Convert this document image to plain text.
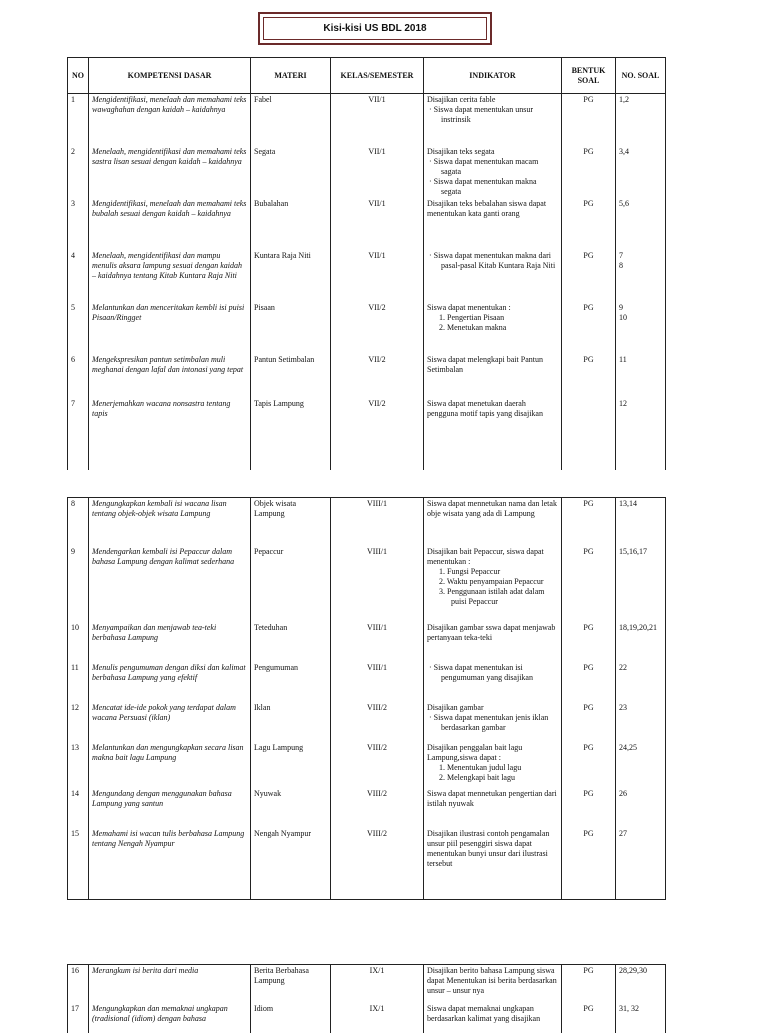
Kisi-kisi US BDL 2018
NO	KOMPETENSI DASAR	MATERI	KELAS/SEMESTER	INDIKATOR	BENTUK SOAL	NO. SOAL
1	Mengidentifikasi, menelaah dan memahami teks wawaghahan dengan kaidah – kaidahnya	Fabel	VII/1	Disajikan cerita fable
· Siswa dapat menentukan unsur instrinsik	PG	1,2
2	Menelaah, mengidentifikasi dan memahami teks sastra lisan sesuai dengan kaidah – kaidahnya	Segata	VII/1	Disajikan teks segata
· Siswa dapat menentukan macam sagata
· Siswa dapat menentukan makna segata	PG	3,4
3	Mengidentifikasi, menelaah dan memahami teks bubalah sesuai dengan kaidah – kaidahnya	Bubalahan	VII/1	Disajikan teks bebalahan siswa dapat menentukan kata ganti orang	PG	5,6
4	Menelaah, mengidentifikasi dan mampu menulis aksara lampung sesuai dengan kaidah – kaidahnya tentang Kitab Kuntara Raja Niti	Kuntara Raja Niti	VII/1	· Siswa dapat menentukan makna dari pasal-pasal Kitab Kuntara Raja Niti	PG	7
8
5	Melantunkan dan menceritakan kembli isi puisi Pisaan/Ringget	Pisaan	VII/2	Siswa dapat menentukan :
1. Pengertian Pisaan
2. Menetukan makna	PG	9
10
6	Mengekspresikan pantun setimbalan muli meghanai dengan lafal dan intonasi yang tepat	Pantun Setimbalan	VII/2	Siswa dapat melengkapi bait Pantun Setimbalan	PG	11
7	Menerjemahkan wacana nonsastra tentang tapis	Tapis Lampung	VII/2	Siswa dapat menetukan daerah pengguna motif tapis yang disajikan		12
8	Mengungkapkan kembali isi wacana lisan tentang objek-objek wisata Lampung	Objek wisata Lampung	VIII/1	Siswa dapat mennetukan nama dan letak obje wisata yang ada di Lampung	PG	13,14
9	Mendengarkan kembali isi Pepaccur dalam bahasa Lampung dengan kalimat sederhana	Pepaccur	VIII/1	Disajikan bait Pepaccur, siswa dapat menentukan :
1. Fungsi Pepaccur
2. Waktu penyampaian Pepaccur
3. Penggunaan istilah adat dalam puisi Pepaccur	PG	15,16,17
10	Menyampaikan dan menjawab tea-teki berbahasa Lampung	Teteduhan	VIII/1	Disajikan gambar sswa dapat menjawab pertanyaan teka-teki	PG	18,19,20,21
11	Menulis pengumuman dengan diksi dan kalimat berbahasa Lampung yang efektif	Pengumuman	VIII/1	· Siswa dapat menentukan isi pengumuman yang disajikan	PG	22
12	Mencatat ide-ide pokok yang terdapat dalam wacana Persuasi (iklan)	Iklan	VIII/2	Disajikan gambar
· Siswa dapat menentukan jenis iklan berdasarkan gambar	PG	23
13	Melantunkan dan mengungkapkan secara lisan makna bait lagu Lampung	Lagu Lampung	VIII/2	Disajikan penggalan bait lagu Lampung,siswa dapat :
1. Menentukan judul lagu
2. Melengkapi bait lagu	PG	24,25
14	Mengundang dengan menggunakan bahasa Lampung yang santun	Nyuwak	VIII/2	Siswa dapat mennetukan pengertian dari istilah nyuwak	PG	26
15	Memahami isi wacan tulis berbahasa Lampung tentang Nengah Nyampur	Nengah Nyampur	VIII/2	Disajikan ilustrasi contoh pengamalan unsur piil pesenggiri siswa dapat menentukan bunyi unsur dari ilustrasi tersebut	PG	27
16	Merangkum isi berita dari media	Berita Berbahasa Lampung	IX/1	Disajikan berito bahasa Lampung siswa dapat Menentukan isi berita berdasarkan unsur – unsur nya	PG	28,29,30
17	Mengungkapkan dan memaknai ungkapan (tradisional (idiom) dengan bahasa	Idiom	IX/1	Siswa dapat memaknai ungkapan berdasarkan kalimat yang disajikan	PG	31, 32
